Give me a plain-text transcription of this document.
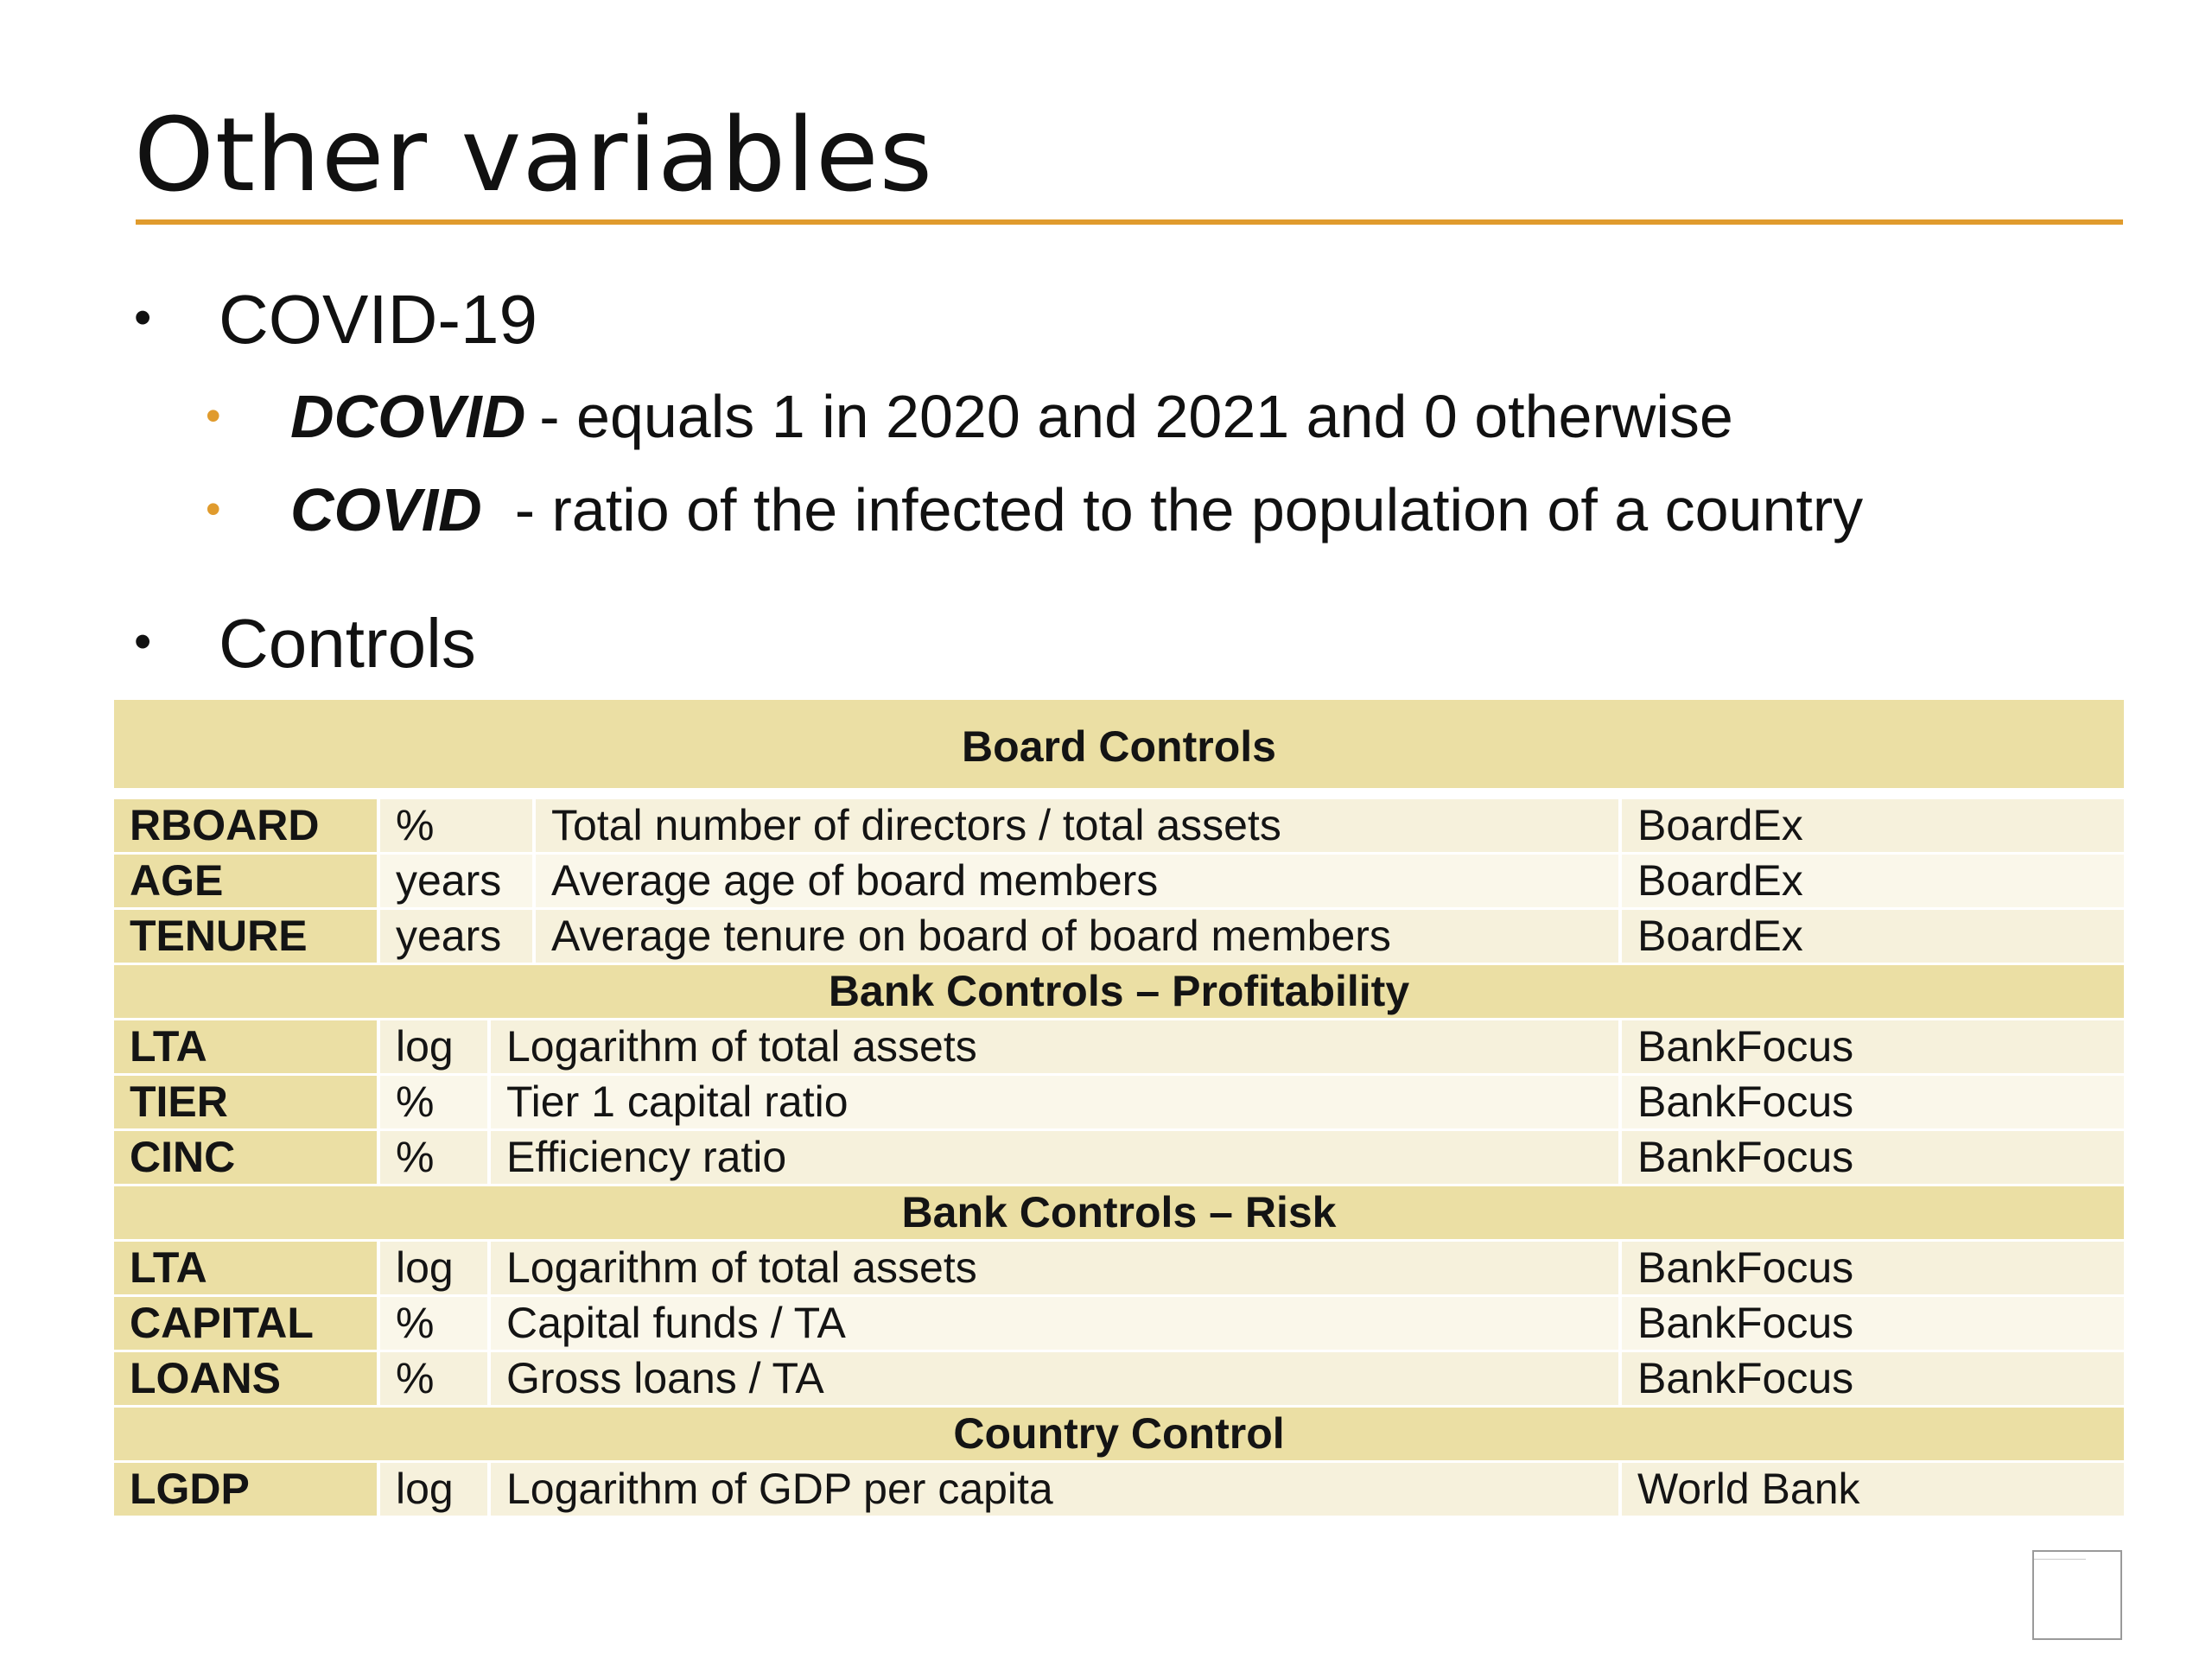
Other variables
• COVID-19
• DCOVID - equals 1 in 2020 and 2021 and 0 otherwise
• COVID - ratio of the infected to the population of a country
• Controls
Board Controls
RBOARD	%	Total number of directors / total assets	BoardEx
AGE	years	Average age of board members	BoardEx
TENURE	years	Average tenure on board of board members	BoardEx
Bank Controls – Profitability
LTA	log	Logarithm of total assets	BankFocus
TIER	%	Tier 1 capital ratio	BankFocus
CINC	%	Efficiency ratio	BankFocus
Bank Controls – Risk
LTA	log	Logarithm of total assets	BankFocus
CAPITAL	%	Capital funds / TA	BankFocus
LOANS	%	Gross loans / TA	BankFocus
Country Control
LGDP	log	Logarithm of GDP per capita	World Bank
